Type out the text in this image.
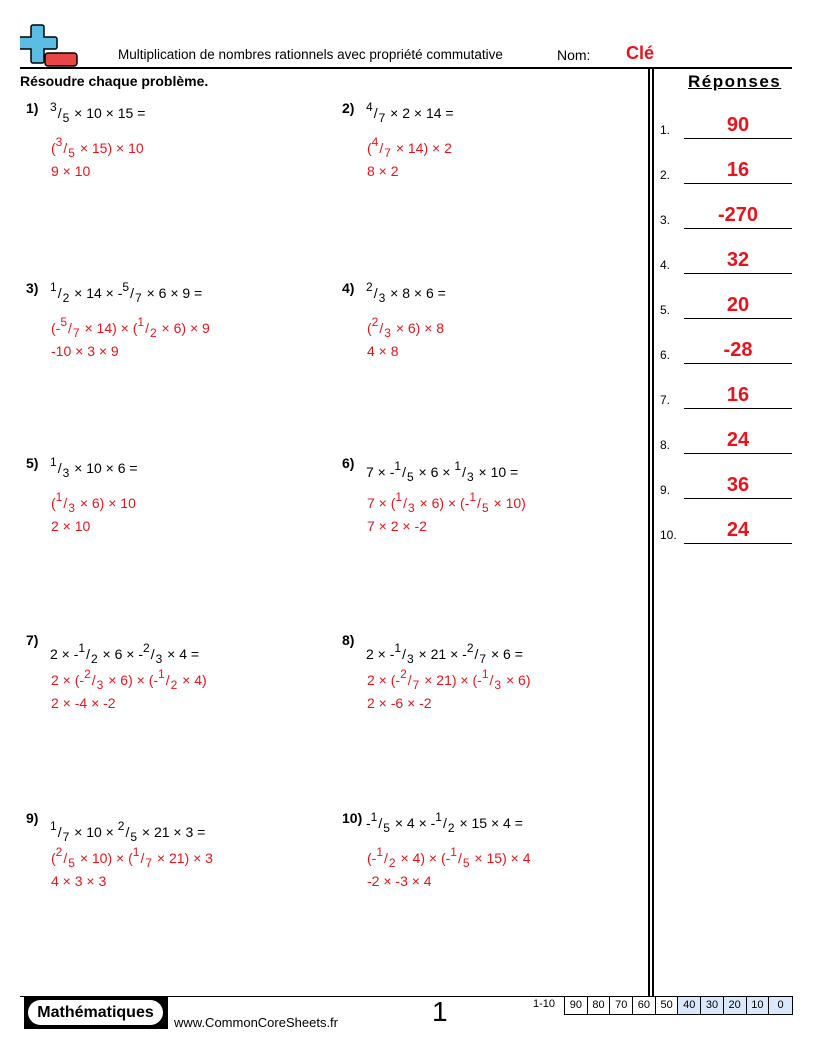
Multiplication de nombres rationnels avec propriété commutative	Nom: Clé
Résoudre chaque problème.
1) 3/5 × 10 × 15 =
(3/5 × 15) × 10
9 × 10
2) 4/7 × 2 × 14 =
(4/7 × 14) × 2
8 × 2
3) 1/2 × 14 × -5/7 × 6 × 9 =
(-5/7 × 14) × (1/2 × 6) × 9
-10 × 3 × 9
4) 2/3 × 8 × 6 =
(2/3 × 6) × 8
4 × 8
5) 1/3 × 10 × 6 =
(1/3 × 6) × 10
2 × 10
6)
7 × -1/5 × 6 × 1/3 × 10 =
7 × (1/3 × 6) × (-1/5 × 10)
7 × 2 × -2
7)
2 × -1/2 × 6 × -2/3 × 4 =
2 × (-2/3 × 6) × (-1/2 × 4)
2 × -4 × -2
8)
2 × -1/3 × 21 × -2/7 × 6 =
2 × (-2/7 × 21) × (-1/3 × 6)
2 × -6 × -2
9) 1/7 × 10 × 2/5 × 21 × 3 =
(2/5 × 10) × (1/7 × 21) × 3
4 × 3 × 3
10) -1/5 × 4 × -1/2 × 15 × 4 =
(-1/2 × 4) × (-1/5 × 15) × 4
-2 × -3 × 4
Réponses
1.	90
2.	16
3.	-270
4.	32
5.	20
6.	-28
7.	16
8.	24
9.	36
10.	24
Mathématiques
www.CommonCoreSheets.fr	1	1-10	90 80 70 60 50 40 30 20 10	0
